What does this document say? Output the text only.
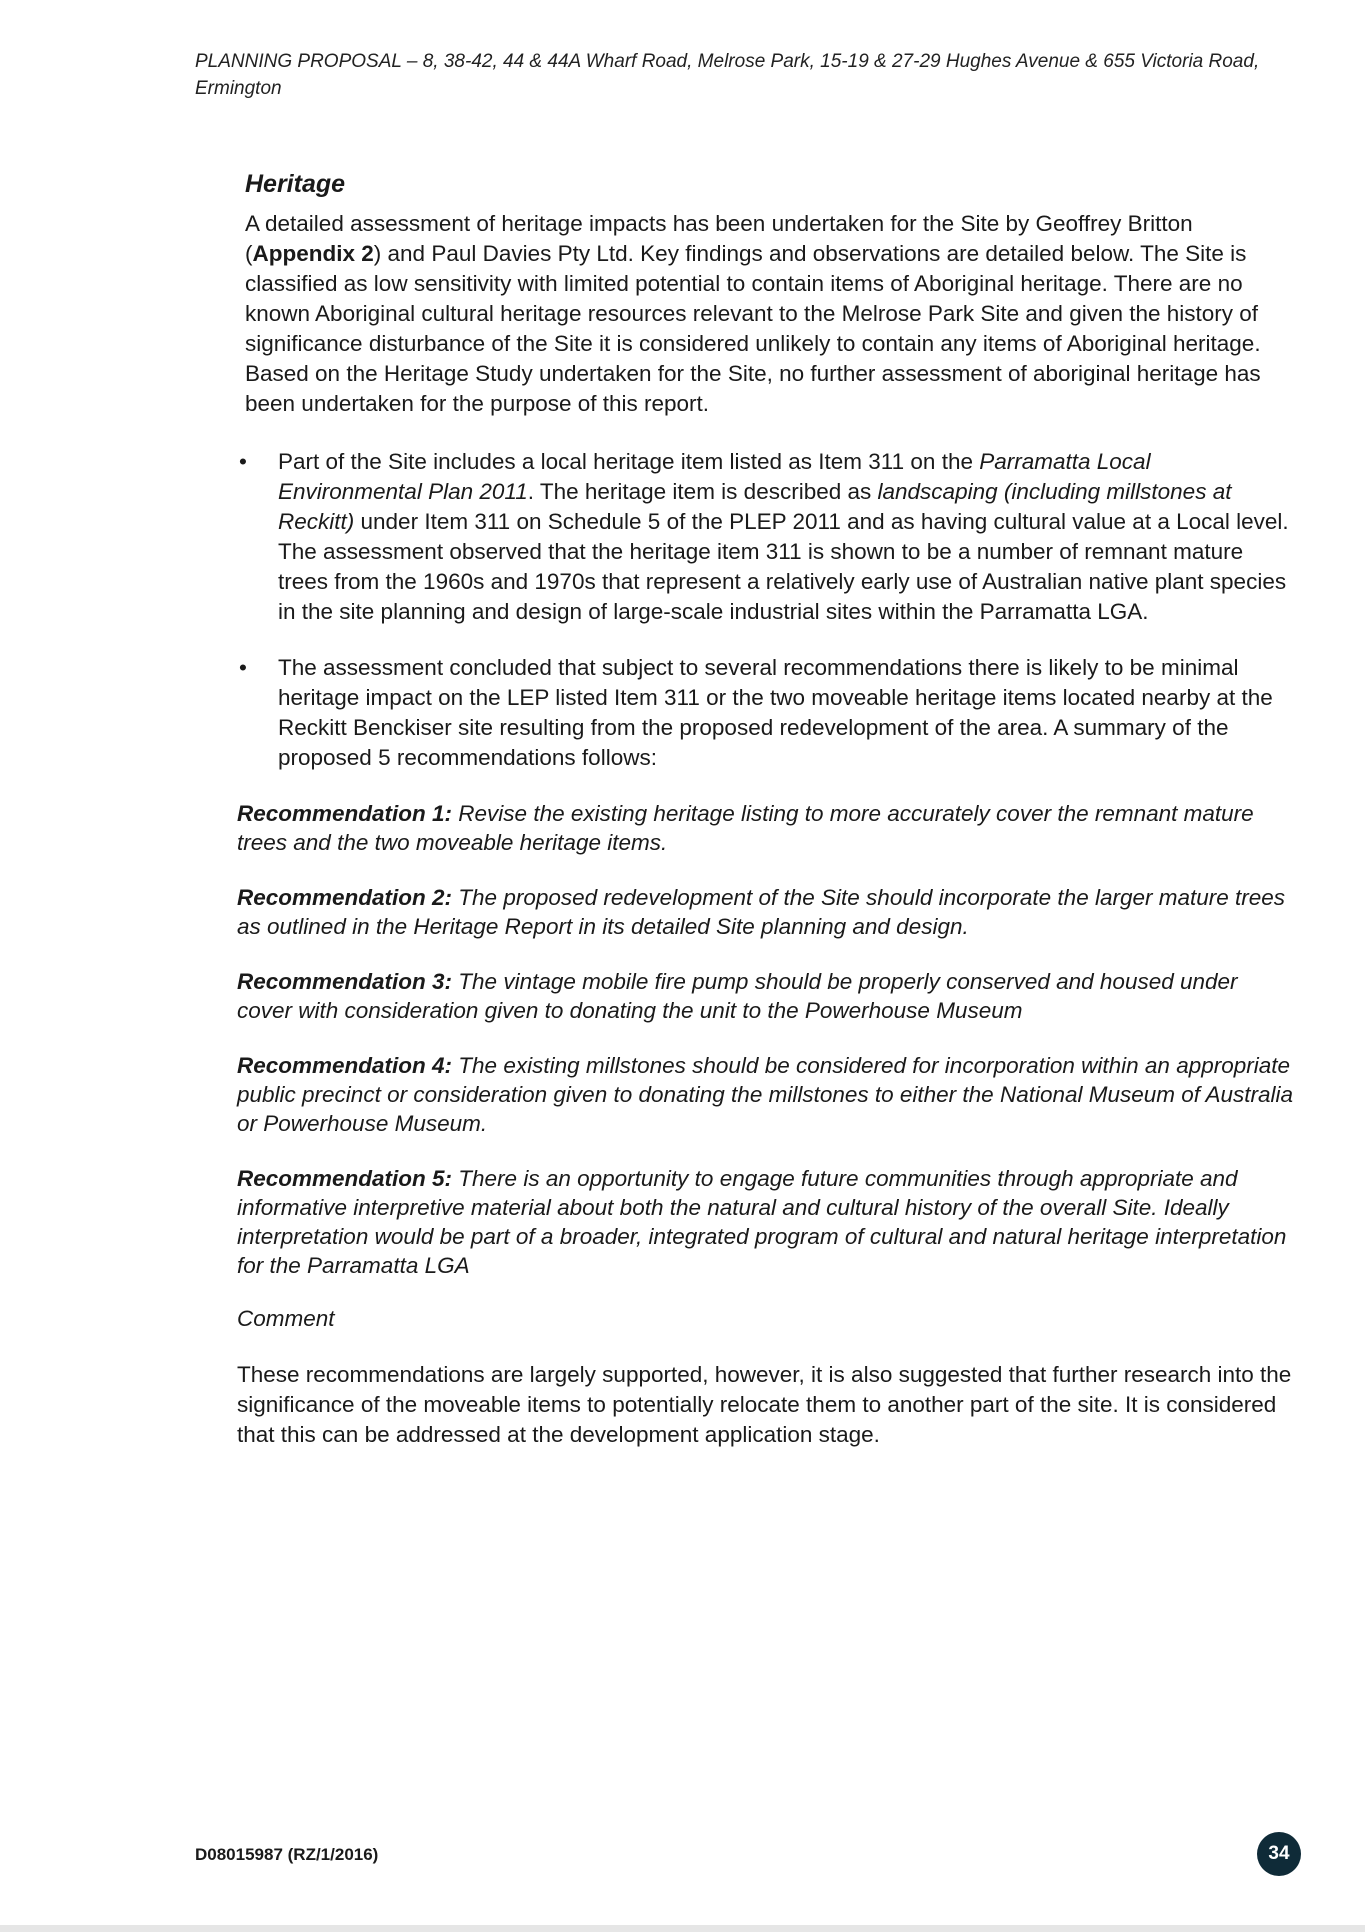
PLANNING PROPOSAL – 8, 38-42, 44 & 44A Wharf Road, Melrose Park, 15-19 & 27-29 Hughes Avenue & 655 Victoria Road,
Ermington
Heritage

A detailed assessment of heritage impacts has been undertaken for the Site by Geoffrey Britton (Appendix 2) and Paul Davies Pty Ltd. Key findings and observations are detailed below. The Site is classified as low sensitivity with limited potential to contain items of Aboriginal heritage. There are no known Aboriginal cultural heritage resources relevant to the Melrose Park Site and given the history of significance disturbance of the Site it is considered unlikely to contain any items of Aboriginal heritage. Based on the Heritage Study undertaken for the Site, no further assessment of aboriginal heritage has been undertaken for the purpose of this report.

• Part of the Site includes a local heritage item listed as Item 311 on the Parramatta Local Environmental Plan 2011. The heritage item is described as landscaping (including millstones at Reckitt) under Item 311 on Schedule 5 of the PLEP 2011 and as having cultural value at a Local level. The assessment observed that the heritage item 311 is shown to be a number of remnant mature trees from the 1960s and 1970s that represent a relatively early use of Australian native plant species in the site planning and design of large-scale industrial sites within the Parramatta LGA.
• The assessment concluded that subject to several recommendations there is likely to be minimal heritage impact on the LEP listed Item 311 or the two moveable heritage items located nearby at the Reckitt Benckiser site resulting from the proposed redevelopment of the area. A summary of the proposed 5 recommendations follows:

Recommendation 1: Revise the existing heritage listing to more accurately cover the remnant mature trees and the two moveable heritage items.

Recommendation 2: The proposed redevelopment of the Site should incorporate the larger mature trees as outlined in the Heritage Report in its detailed Site planning and design.

Recommendation 3: The vintage mobile fire pump should be properly conserved and housed under cover with consideration given to donating the unit to the Powerhouse Museum

Recommendation 4: The existing millstones should be considered for incorporation within an appropriate public precinct or consideration given to donating the millstones to either the National Museum of Australia or Powerhouse Museum.

Recommendation 5: There is an opportunity to engage future communities through appropriate and informative interpretive material about both the natural and cultural history of the overall Site. Ideally interpretation would be part of a broader, integrated program of cultural and natural heritage interpretation for the Parramatta LGA

Comment

These recommendations are largely supported, however, it is also suggested that further research into the significance of the moveable items to potentially relocate them to another part of the site. It is considered that this can be addressed at the development application stage.

D08015987 (RZ/1/2016)	34
